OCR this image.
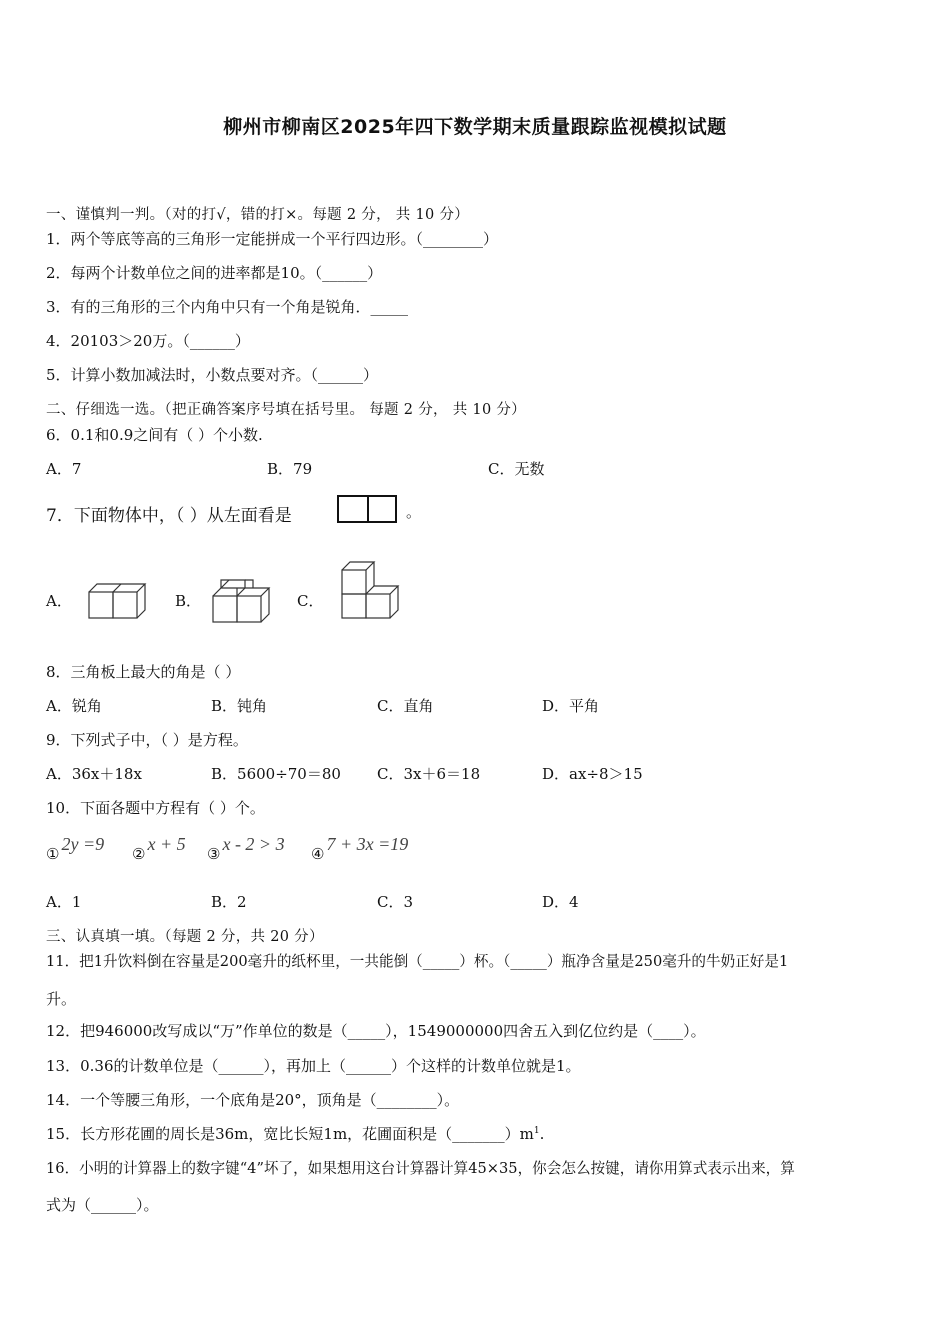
柳州市柳南区2025年四下数学期末质量跟踪监视模拟试题
一、谨慎判一判。（对的打√，错的打×。每题 2 分， 共 10 分）
1．两个等底等高的三角形一定能拼成一个平行四边形。（________）
2．每两个计数单位之间的进率都是10。（______）
3．有的三角形的三个内角中只有一个角是锐角．_____
4．20103＞20万。（______）
5．计算小数加减法时，小数点要对齐。（______）
二、仔细选一选。（把正确答案序号填在括号里。 每题 2 分， 共 10 分）
6．0.1和0.9之间有（ ）个小数.
A．7	B．79	C．无数
7．下面物体中，（ ）从左面看是	。
A．	B．	C．
8．三角板上最大的角是（ ）
A．锐角	B．钝角	C．直角	D．平角
9．下列式子中，（ ）是方程。
A．36x＋18x	B．5600÷70＝80 C．3x＋6＝18	D．ax÷8＞15
10．下面各题中方程有（ ）个。
① 2y =9 ② x + 5 ③ x - 2 > 3 ④ 7 + 3x =19
A．1	B．2	C．3	D．4
三、认真填一填。（每题 2 分，共 20 分）
11．把1升饮料倒在容量是200毫升的纸杯里，一共能倒（_____）杯。（_____）瓶净含量是250毫升的牛奶正好是1
升。
12．把946000改写成以“万”作单位的数是（_____），1549000000四舍五入到亿位约是（____）。
13．0.36的计数单位是（______），再加上（______）个这样的计数单位就是1。
14．一个等腰三角形，一个底角是20°，顶角是（________）。
15．长方形花圃的周长是36m，宽比长短1m，花圃面积是$(\_\_\_\_\_\_\_)m^1$.
16．小明的计算器上的数字键“4”坏了，如果想用这台计算器计算45×35，你会怎么按键，请你用算式表示出来，算
式为（______）。
